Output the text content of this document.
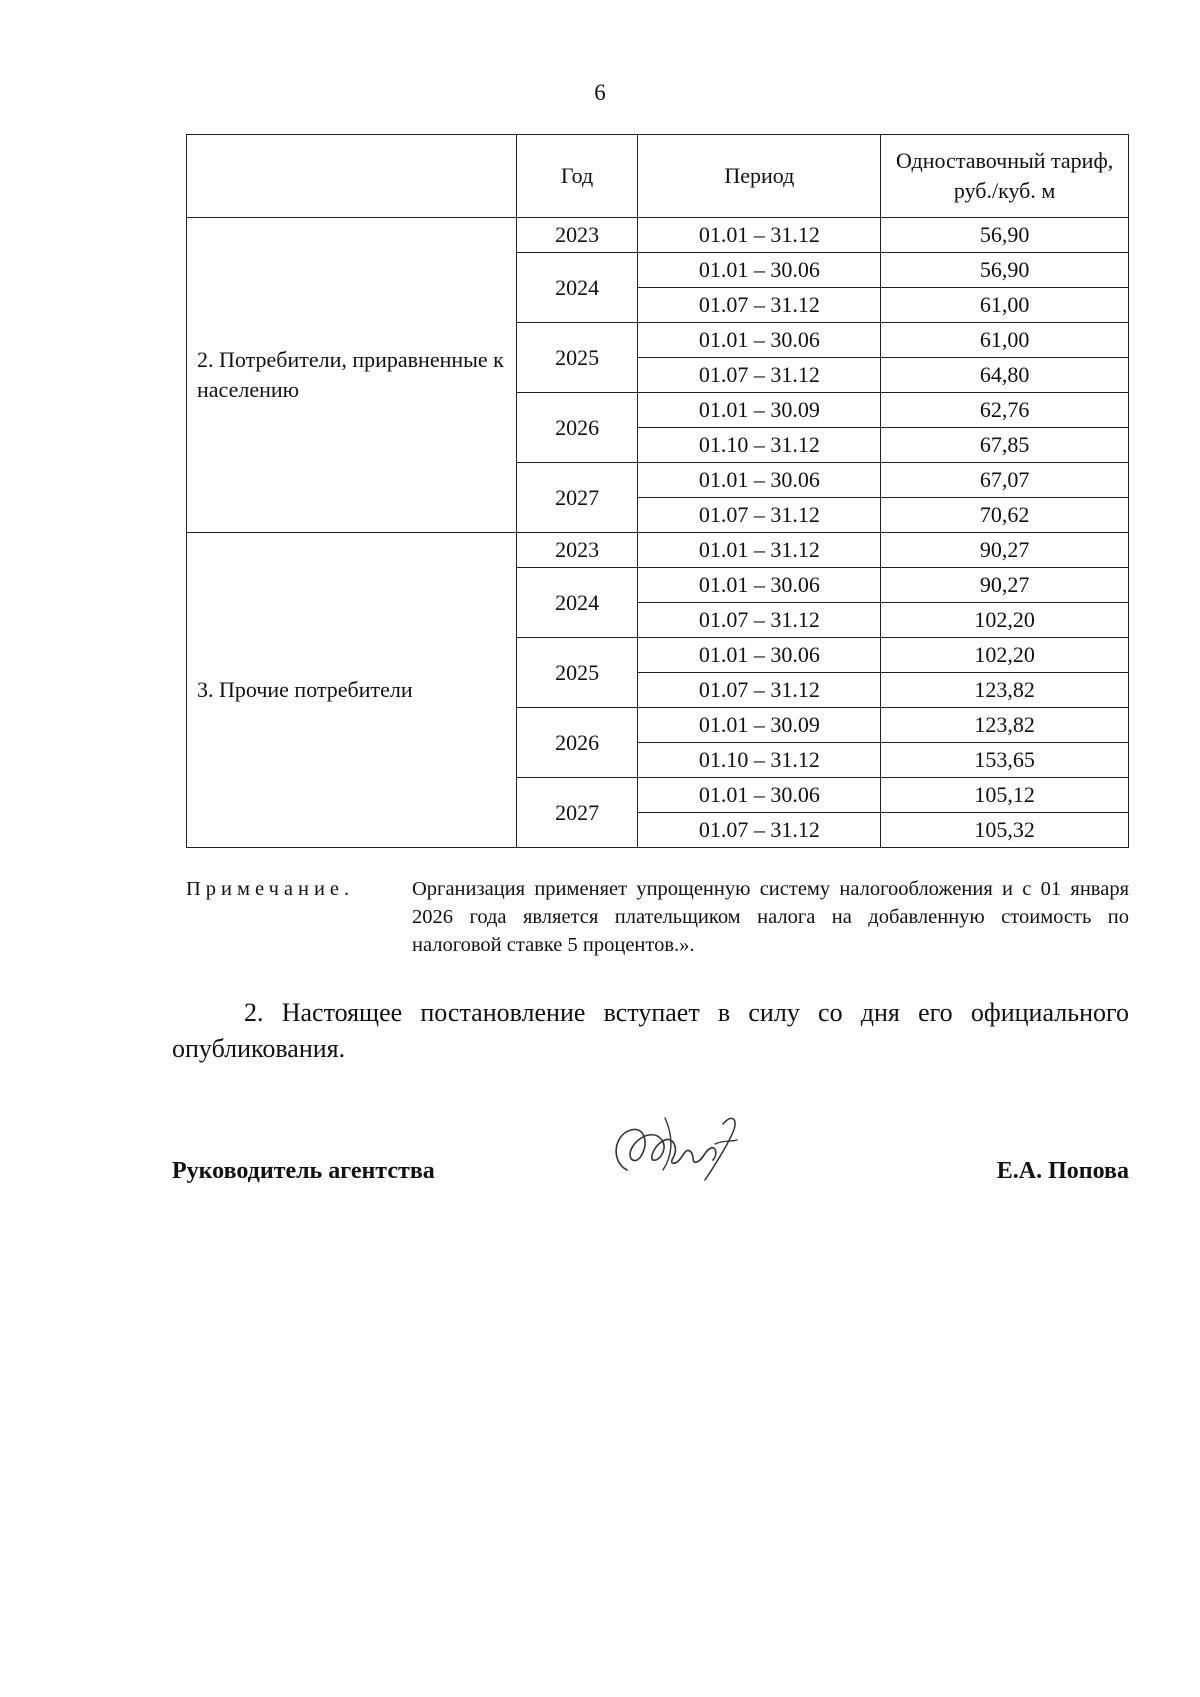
6
	Год	Период	Одноставочный тариф, руб./куб. м
2. Потребители, приравненные к населению	2023	01.01 – 31.12	56,90
	2024	01.01 – 30.06	56,90
		01.07 – 31.12	61,00
	2025	01.01 – 30.06	61,00
		01.07 – 31.12	64,80
	2026	01.01 – 30.09	62,76
		01.10 – 31.12	67,85
	2027	01.01 – 30.06	67,07
		01.07 – 31.12	70,62
3. Прочие потребители	2023	01.01 – 31.12	90,27
	2024	01.01 – 30.06	90,27
		01.07 – 31.12	102,20
	2025	01.01 – 30.06	102,20
		01.07 – 31.12	123,82
	2026	01.01 – 30.09	123,82
		01.10 – 31.12	153,65
	2027	01.01 – 30.06	105,12
		01.07 – 31.12	105,32
Примечание.	Организация применяет упрощенную систему налогообложения и с 01 января 2026 года является плательщиком налога на добавленную стоимость по налоговой ставке 5 процентов.».
2. Настоящее постановление вступает в силу со дня его официального опубликования.
Руководитель агентства	Е.А. Попова
